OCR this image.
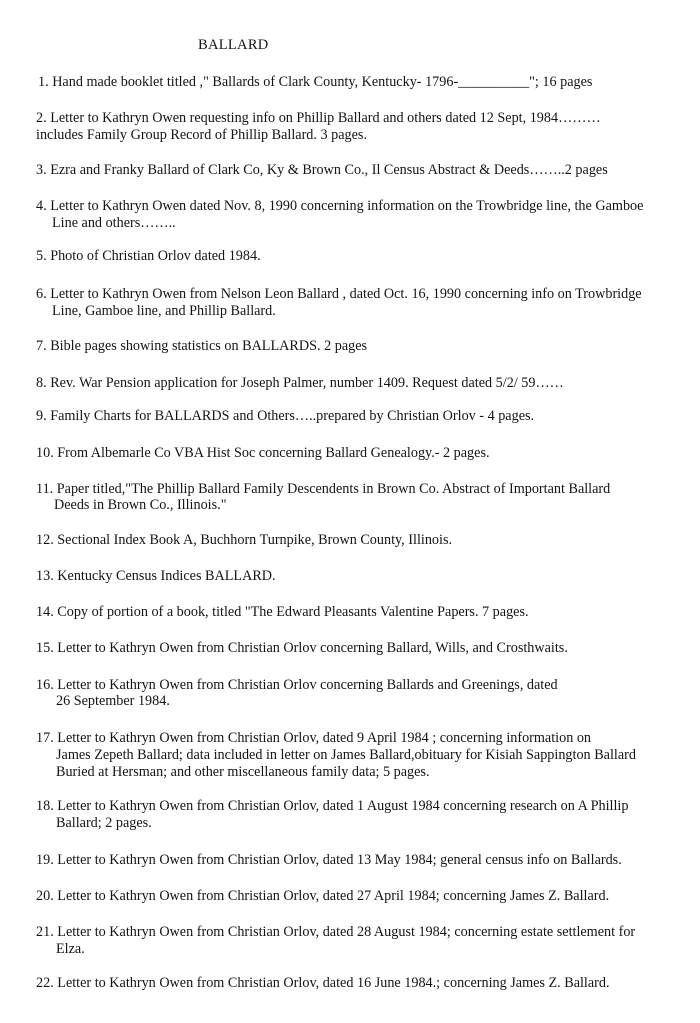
BALLARD
1. Hand made booklet titled ," Ballards of Clark County, Kentucky- 1796-__________"; 16 pages
2. Letter to Kathryn Owen requesting info on Phillip Ballard and others dated 12 Sept, 1984………
includes Family Group Record of Phillip Ballard. 3 pages.
3. Ezra and Franky Ballard of Clark Co, Ky & Brown Co., Il Census Abstract & Deeds……..2 pages
4. Letter to Kathryn Owen dated Nov. 8, 1990 concerning information on the Trowbridge line, the Gamboe
Line and others……..
5. Photo of Christian Orlov dated 1984.
6. Letter to Kathryn Owen from Nelson Leon Ballard , dated Oct. 16, 1990 concerning info on Trowbridge
Line, Gamboe line, and Phillip Ballard.
7. Bible pages showing statistics on BALLARDS. 2 pages
8. Rev. War Pension application for Joseph Palmer, number 1409. Request dated 5/2/ 59……
9. Family Charts for BALLARDS and Others…..prepared by Christian Orlov - 4 pages.
10. From Albemarle Co VBA Hist Soc concerning Ballard Genealogy.- 2 pages.
11. Paper titled,"The Phillip Ballard Family Descendents in Brown Co. Abstract of Important Ballard
Deeds in Brown Co., Illinois."
12. Sectional Index Book A, Buchhorn Turnpike, Brown County, Illinois.
13. Kentucky Census Indices BALLARD.
14. Copy of portion of a book, titled "The Edward Pleasants Valentine Papers. 7 pages.
15. Letter to Kathryn Owen from Christian Orlov concerning Ballard, Wills, and Crosthwaits.
16. Letter to Kathryn Owen from Christian Orlov concerning Ballards and Greenings, dated
26 September 1984.
17. Letter to Kathryn Owen from Christian Orlov, dated 9 April 1984 ; concerning information on
James Zepeth Ballard; data included in letter on James Ballard,obituary for Kisiah Sappington Ballard
Buried at Hersman; and other miscellaneous family data; 5 pages.
18. Letter to Kathryn Owen from Christian Orlov, dated 1 August 1984 concerning research on A Phillip
Ballard; 2 pages.
19. Letter to Kathryn Owen from Christian Orlov, dated 13 May 1984; general census info on Ballards.
20. Letter to Kathryn Owen from Christian Orlov, dated 27 April 1984; concerning James Z. Ballard.
21. Letter to Kathryn Owen from Christian Orlov, dated 28 August 1984; concerning estate settlement for
Elza.
22. Letter to Kathryn Owen from Christian Orlov, dated 16 June 1984.; concerning James Z. Ballard.
